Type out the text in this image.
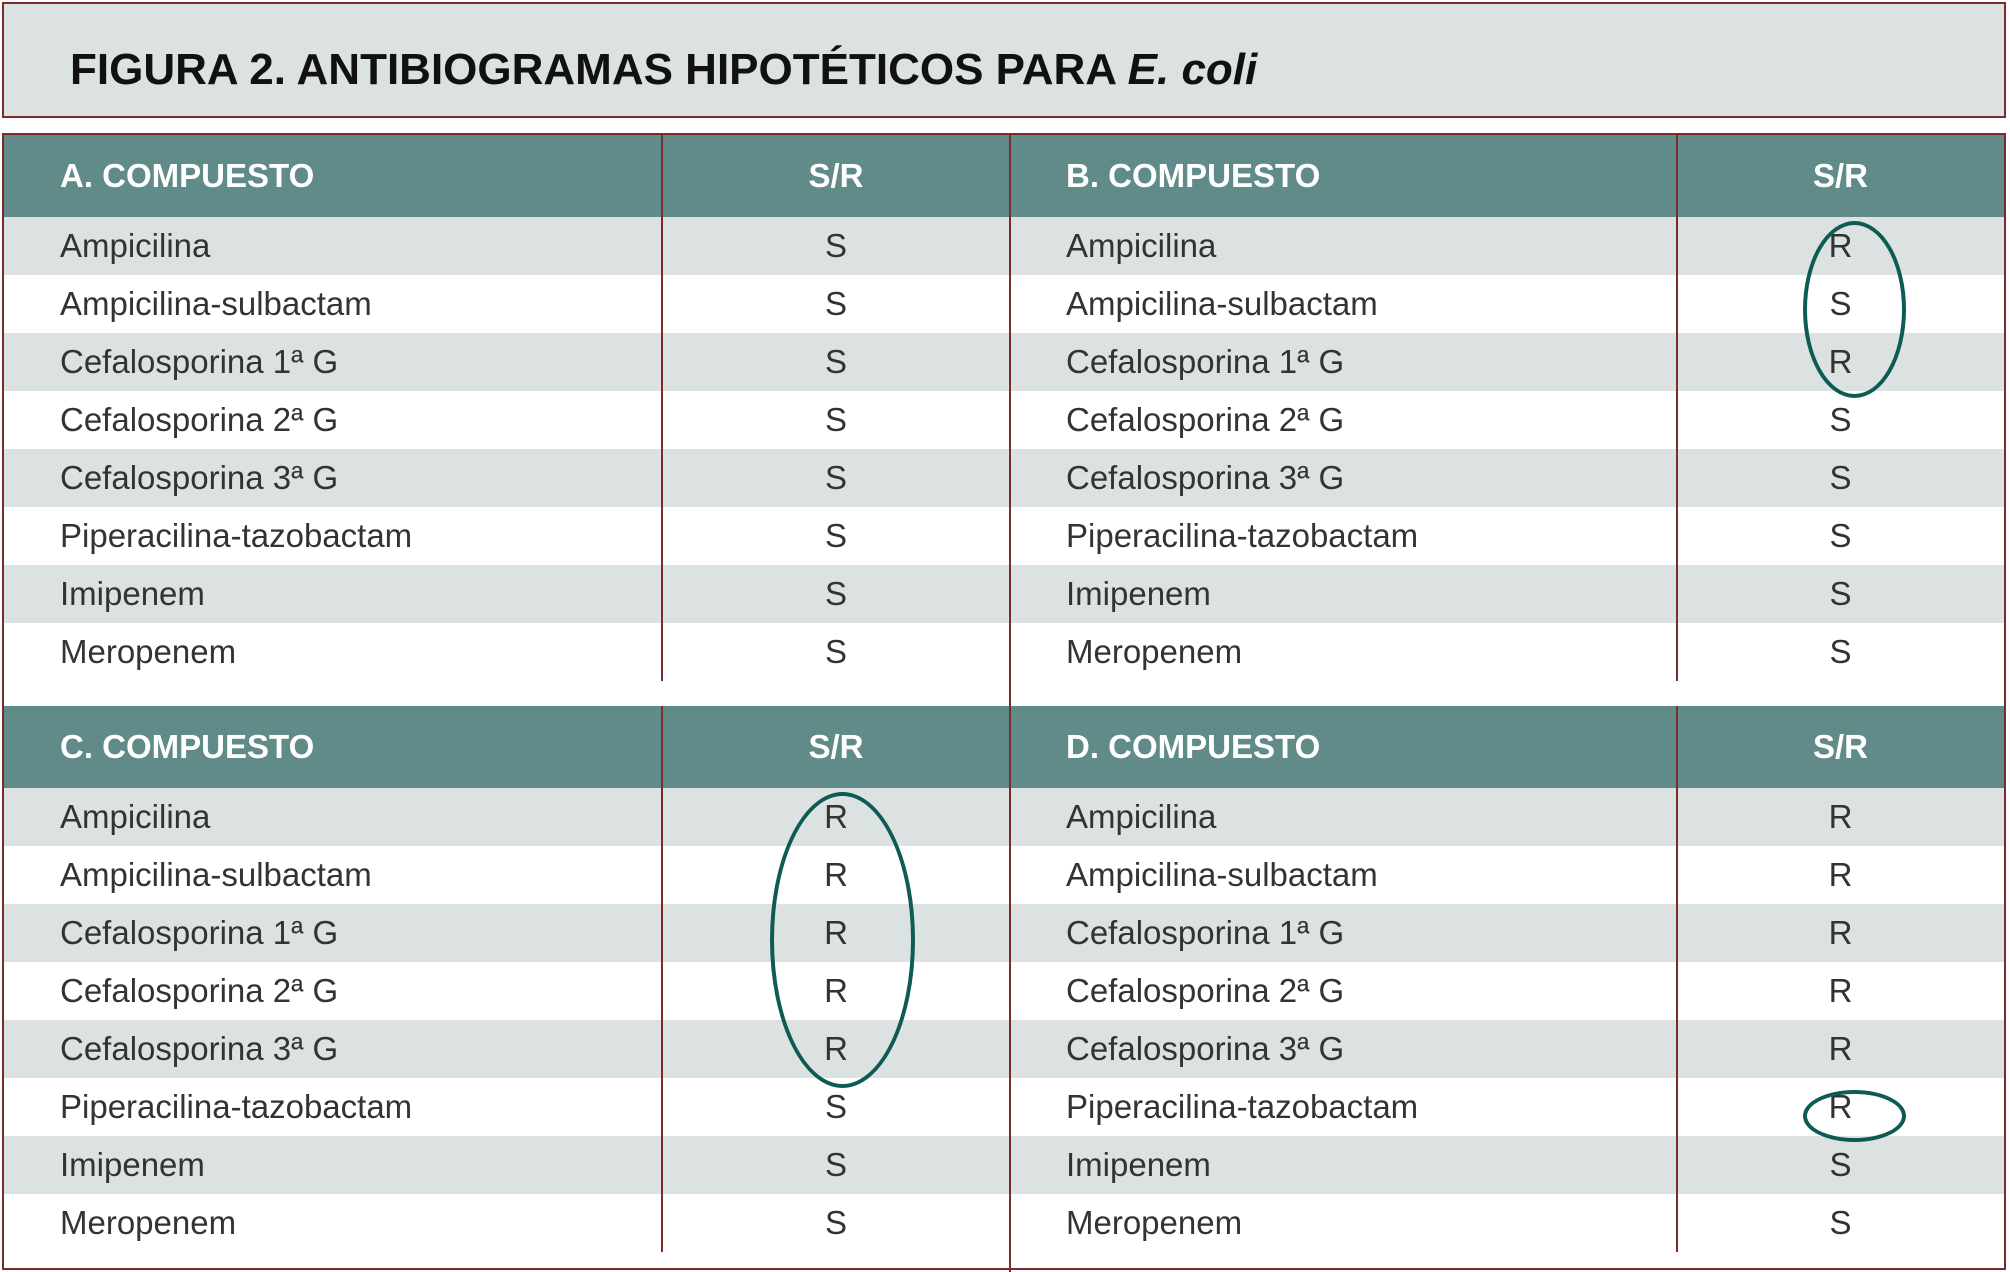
FIGURA 2. ANTIBIOGRAMAS HIPOTÉTICOS PARA E. coli
A. COMPUESTO	S/R
Ampicilina	S
Ampicilina-sulbactam	S
Cefalosporina 1ª G	S
Cefalosporina 2ª G	S
Cefalosporina 3ª G	S
Piperacilina-tazobactam	S
Imipenem	S
Meropenem	S
B. COMPUESTO	S/R
Ampicilina	R
Ampicilina-sulbactam	S
Cefalosporina 1ª G	R
Cefalosporina 2ª G	S
Cefalosporina 3ª G	S
Piperacilina-tazobactam	S
Imipenem	S
Meropenem	S
C. COMPUESTO	S/R
Ampicilina	R
Ampicilina-sulbactam	R
Cefalosporina 1ª G	R
Cefalosporina 2ª G	R
Cefalosporina 3ª G	R
Piperacilina-tazobactam	S
Imipenem	S
Meropenem	S
D. COMPUESTO	S/R
Ampicilina	R
Ampicilina-sulbactam	R
Cefalosporina 1ª G	R
Cefalosporina 2ª G	R
Cefalosporina 3ª G	R
Piperacilina-tazobactam	R
Imipenem	S
Meropenem	S
